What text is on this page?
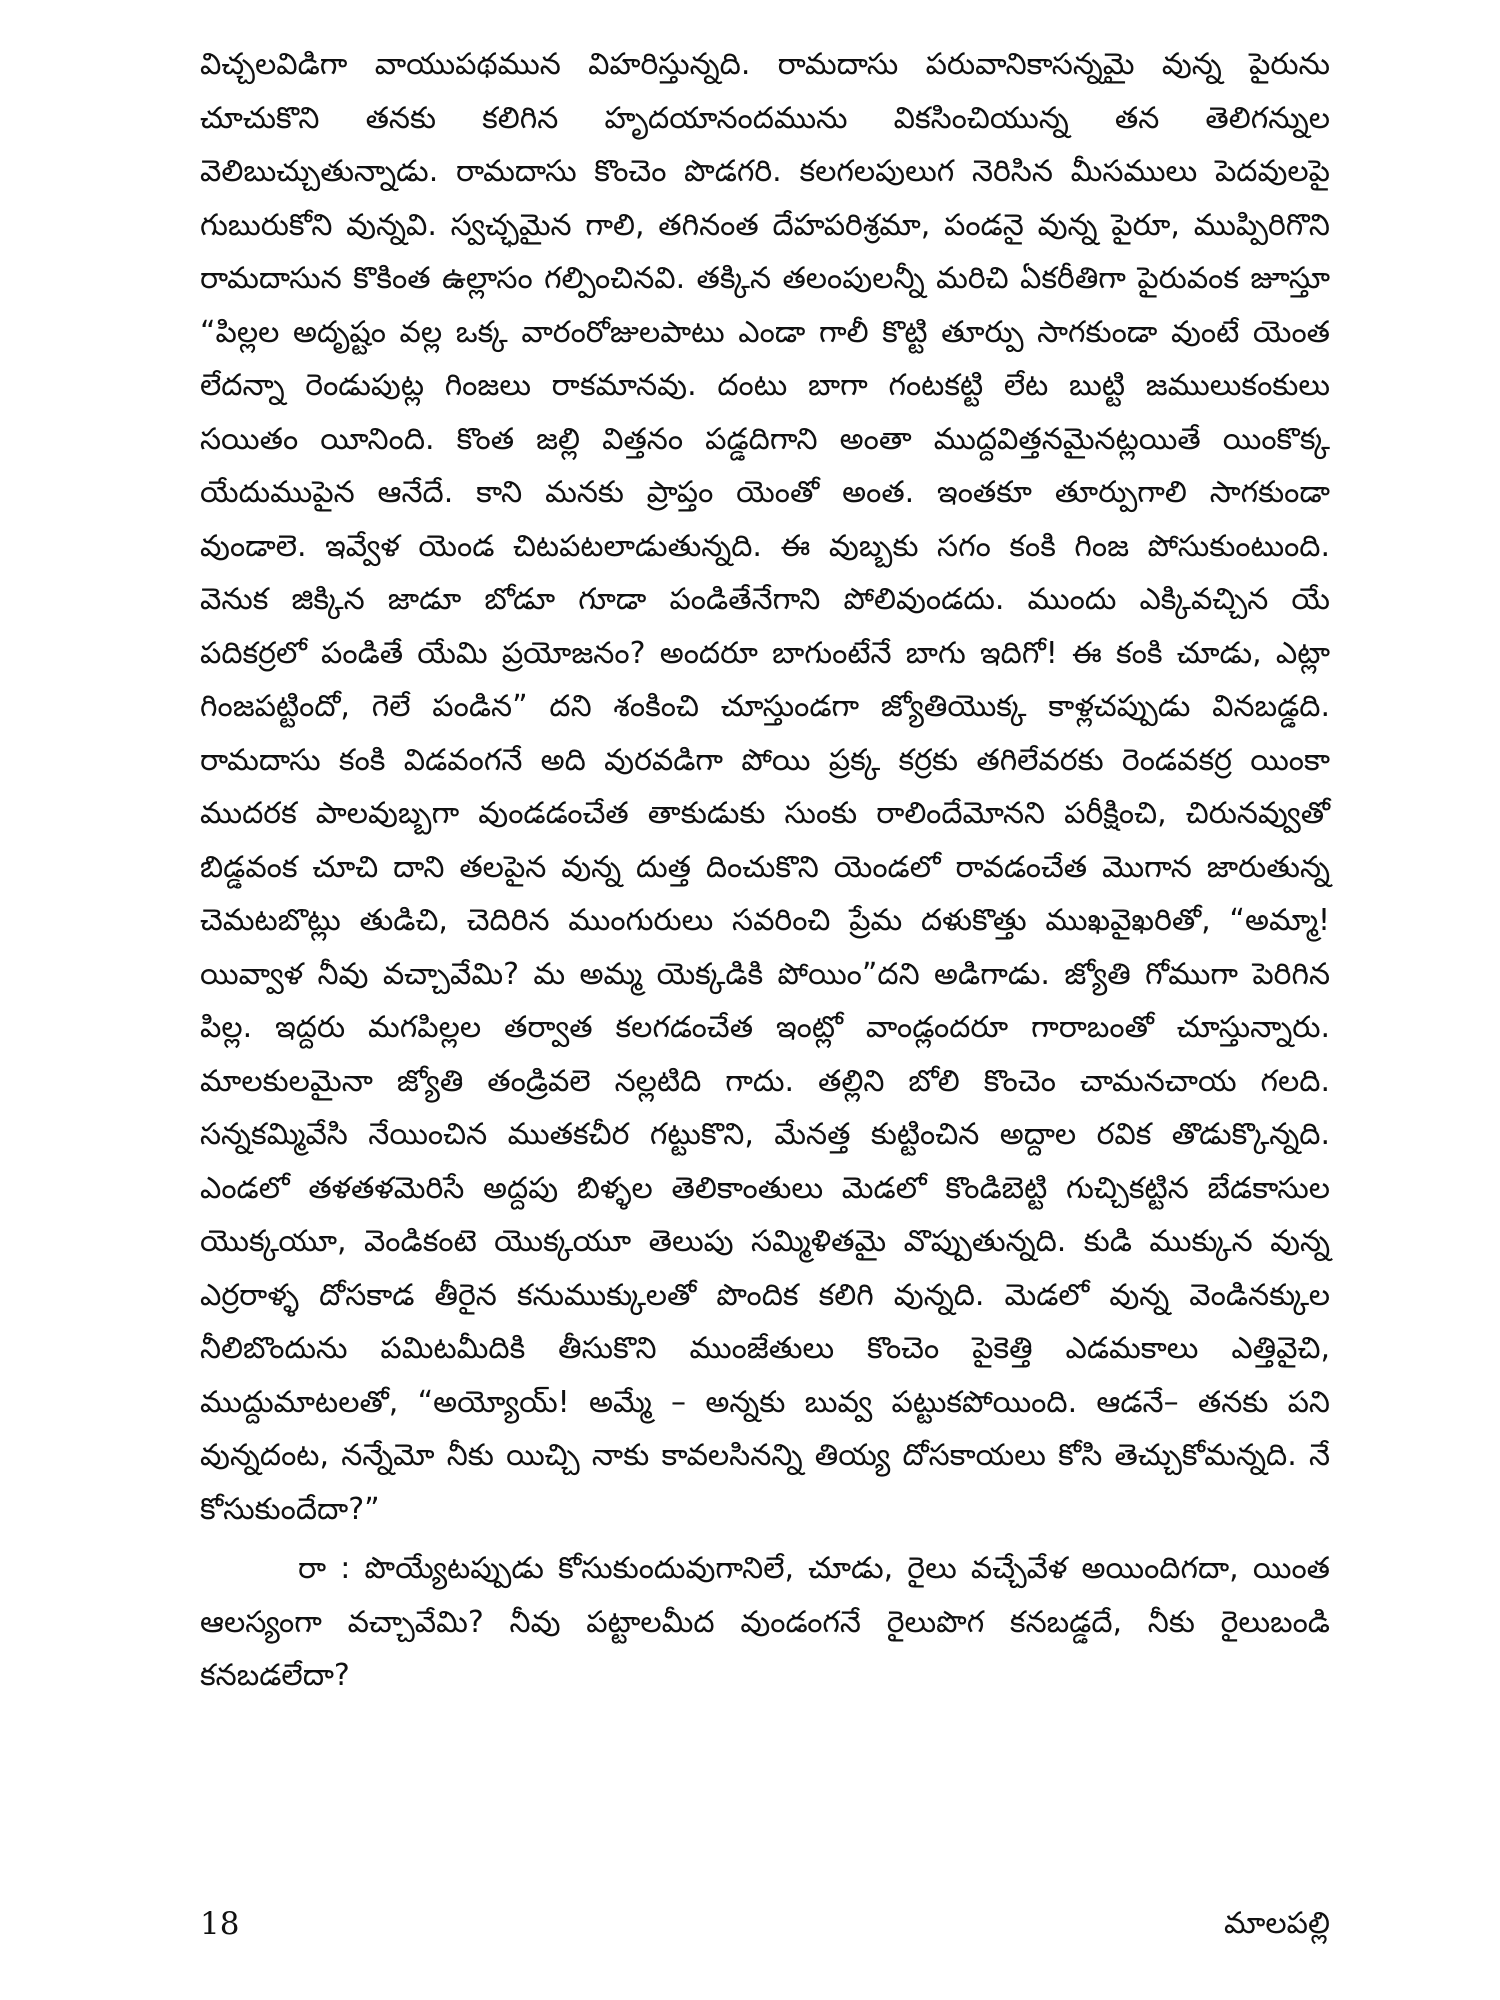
విచ్చలవిడిగా వాయుపథమున విహరిస్తున్నది. రామదాసు పరువానికాసన్నమై వున్న పైరును చూచుకొని తనకు కలిగిన హృదయానందమును వికసించియున్న తన తెలిగన్నుల వెలిబుచ్చుతున్నాడు. రామదాసు కొంచెం పొడగరి. కలగలపులుగ నెరిసిన మీసములు పెదవులపై గుబురుకోని వున్నవి. స్వచ్ఛమైన గాలి, తగినంత దేహపరిశ్రమా, పండనై వున్న పైరూ, ముప్పిరిగొని రామదాసున కొకింత ఉల్లాసం గల్పించినవి. తక్కిన తలంపులన్నీ మరిచి ఏకరీతిగా పైరువంక జూస్తూ “పిల్లల అదృష్టం వల్ల ఒక్క వారంరోజులపాటు ఎండా గాలీ కొట్టి తూర్పు సాగకుండా వుంటే యెంత లేదన్నా రెండుపుట్ల గింజలు రాకమానవు. దంటు బాగా గంటకట్టి లేట బుట్టి జములుకంకులు సయితం యీనింది. కొంత జల్లి విత్తనం పడ్డదిగాని అంతా ముద్దవిత్తనమైనట్లయితే యింకొక్క యేదుముపైన ఆనేదే. కాని మనకు ప్రాప్తం యెంతో అంత. ఇంతకూ తూర్పుగాలి సాగకుండా వుండాలె. ఇవ్వేళ యెండ చిటపటలాడుతున్నది. ఈ వుబ్బకు సగం కంకి గింజ పోసుకుంటుంది. వెనుక జిక్కిన జాడూ బోడూ గూడా పండితేనేగాని పోలివుండదు. ముందు ఎక్కివచ్చిన యే పదికర్రలో పండితే యేమి ప్రయోజనం? అందరూ బాగుంటేనే బాగు ఇదిగో! ఈ కంకి చూడు, ఎట్లా గింజపట్టిందో, గెలే పండిన” దని శంకించి చూస్తుండగా జ్యోతియొక్క కాళ్లచప్పుడు వినబడ్డది. రామదాసు కంకి విడవంగనే అది వురవడిగా పోయి ప్రక్క కర్రకు తగిలేవరకు రెండవకర్ర యింకా ముదరక పాలవుబ్బగా వుండడంచేత తాకుడుకు సుంకు రాలిందేమోనని పరీక్షించి, చిరునవ్వుతో బిడ్డవంక చూచి దాని తలపైన వున్న దుత్త దించుకొని యెండలో రావడంచేత మొగాన జారుతున్న చెమటబొట్లు తుడిచి, చెదిరిన ముంగురులు సవరించి ప్రేమ దళుకొత్తు ముఖవైఖరితో, “అమ్మా! యివ్వాళ నీవు వచ్చావేమి? మ అమ్మ యెక్కడికి పోయిం”దని అడిగాడు. జ్యోతి గోముగా పెరిగిన పిల్ల. ఇద్దరు మగపిల్లల తర్వాత కలగడంచేత ఇంట్లో వాండ్లందరూ గారాబంతో చూస్తున్నారు. మాలకులమైనా జ్యోతి తండ్రివలె నల్లటిది గాదు. తల్లిని బోలి కొంచెం చామనచాయ గలది. సన్నకమ్మివేసి నేయించిన ముతకచీర గట్టుకొని, మేనత్త కుట్టించిన అద్దాల రవిక తొడుక్కొన్నది. ఎండలో తళతళమెరిసే అద్దపు బిళ్ళల తెలికాంతులు మెడలో కొండిబెట్టి గుచ్చికట్టిన బేడకాసుల యొక్కయూ, వెండికంటె యొక్కయూ తెలుపు సమ్మిళితమై వొప్పుతున్నది. కుడి ముక్కున వున్న ఎర్రరాళ్ళ దోసకాడ తీరైన కనుముక్కులతో పొందిక కలిగి వున్నది. మెడలో వున్న వెండినక్కుల నీలిబొందును పమిటమీదికి తీసుకొని ముంజేతులు కొంచెం పైకెత్తి ఎడమకాలు ఎత్తివైచి, ముద్దుమాటలతో, “అయ్యోయ్! అమ్మే – అన్నకు బువ్వ పట్టుకపోయింది. ఆడనే– తనకు పని వున్నదంట, నన్నేమో నీకు యిచ్చి నాకు కావలసినన్ని తియ్య దోసకాయలు కోసి తెచ్చుకోమన్నది. నే కోసుకుందేదా?”

రా : పొయ్యేటప్పుడు కోసుకుందువుగానిలే, చూడు, రైలు వచ్చేవేళ అయిందిగదా, యింత ఆలస్యంగా వచ్చావేమి? నీవు పట్టాలమీద వుండంగనే రైలుపొగ కనబడ్డదే, నీకు రైలుబండి కనబడలేదా?

18	మాలపల్లి
